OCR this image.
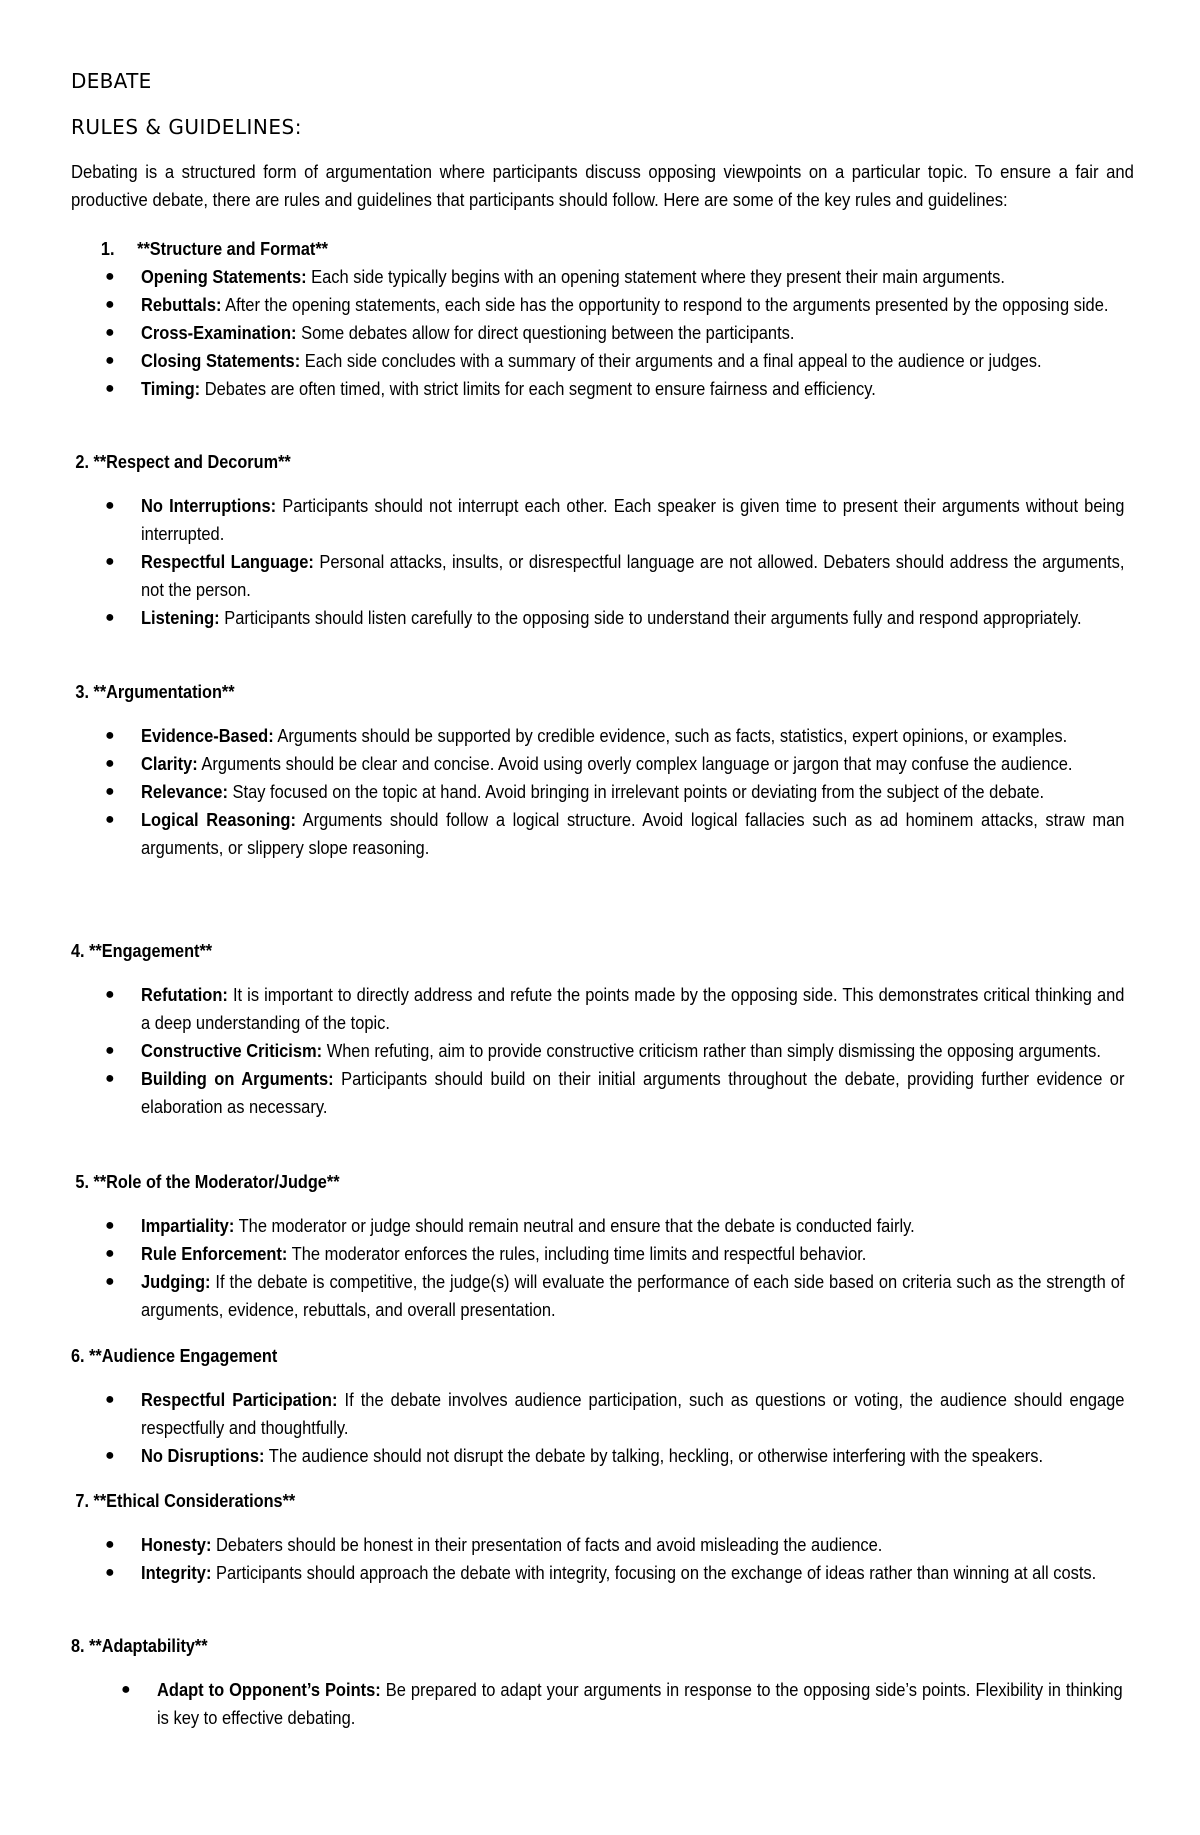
DEBATE
RULES & GUIDELINES:

Debating is a structured form of argumentation where participants discuss opposing viewpoints on a particular topic. To ensure a fair and productive debate, there are rules and guidelines that participants should follow. Here are some of the key rules and guidelines:

1.     **Structure and Format**

● Opening Statements: Each side typically begins with an opening statement where they present their main arguments.
● Rebuttals: After the opening statements, each side has the opportunity to respond to the arguments presented by the opposing side.
● Cross-Examination: Some debates allow for direct questioning between the participants.
● Closing Statements: Each side concludes with a summary of their arguments and a final appeal to the audience or judges.
● Timing: Debates are often timed, with strict limits for each segment to ensure fairness and efficiency.

2. **Respect and Decorum**

● No Interruptions: Participants should not interrupt each other. Each speaker is given time to present their arguments without being interrupted.
● Respectful Language: Personal attacks, insults, or disrespectful language are not allowed. Debaters should address the arguments, not the person.
● Listening: Participants should listen carefully to the opposing side to understand their arguments fully and respond appropriately.

3. **Argumentation**

● Evidence-Based: Arguments should be supported by credible evidence, such as facts, statistics, expert opinions, or examples.
● Clarity: Arguments should be clear and concise. Avoid using overly complex language or jargon that may confuse the audience.
● Relevance: Stay focused on the topic at hand. Avoid bringing in irrelevant points or deviating from the subject of the debate.
● Logical Reasoning: Arguments should follow a logical structure. Avoid logical fallacies such as ad hominem attacks, straw man arguments, or slippery slope reasoning.

4. **Engagement**

● Refutation: It is important to directly address and refute the points made by the opposing side. This demonstrates critical thinking and a deep understanding of the topic.
● Constructive Criticism: When refuting, aim to provide constructive criticism rather than simply dismissing the opposing arguments.
● Building on Arguments: Participants should build on their initial arguments throughout the debate, providing further evidence or elaboration as necessary.

5. **Role of the Moderator/Judge**

● Impartiality: The moderator or judge should remain neutral and ensure that the debate is conducted fairly.
● Rule Enforcement: The moderator enforces the rules, including time limits and respectful behavior.
● Judging: If the debate is competitive, the judge(s) will evaluate the performance of each side based on criteria such as the strength of arguments, evidence, rebuttals, and overall presentation.

6. **Audience Engagement

● Respectful Participation: If the debate involves audience participation, such as questions or voting, the audience should engage respectfully and thoughtfully.
● No Disruptions: The audience should not disrupt the debate by talking, heckling, or otherwise interfering with the speakers.

7. **Ethical Considerations**

● Honesty: Debaters should be honest in their presentation of facts and avoid misleading the audience.
● Integrity: Participants should approach the debate with integrity, focusing on the exchange of ideas rather than winning at all costs.

8. **Adaptability**

● Adapt to Opponent’s Points: Be prepared to adapt your arguments in response to the opposing side’s points. Flexibility in thinking is key to effective debating.
